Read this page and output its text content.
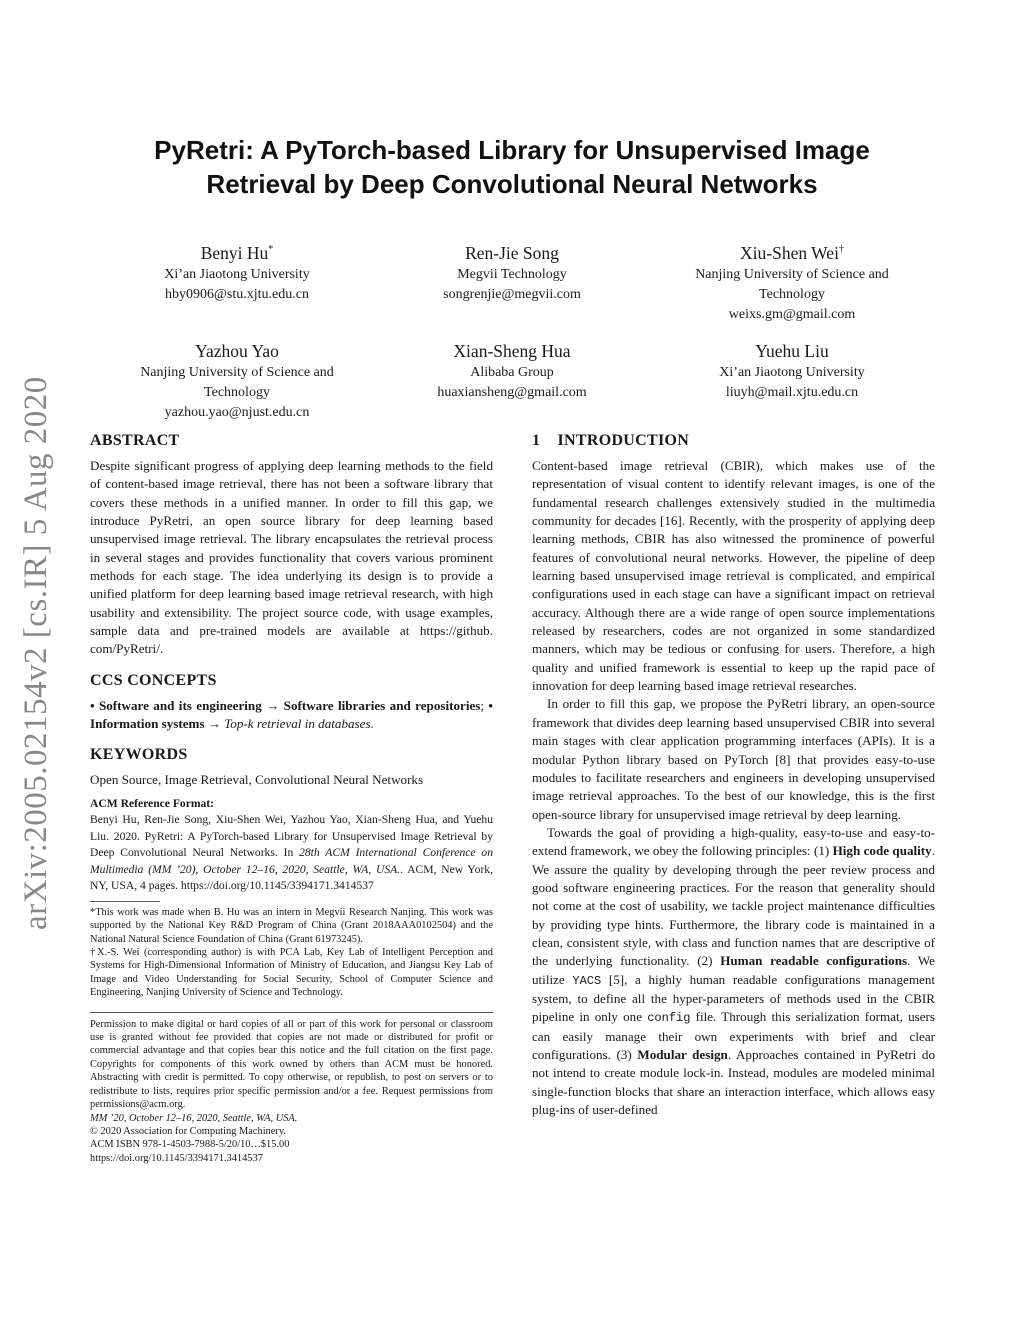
arXiv:2005.02154v2 [cs.IR] 5 Aug 2020
PyRetri: A PyTorch-based Library for Unsupervised Image
Retrieval by Deep Convolutional Neural Networks
Benyi Hu*
Xi’an Jiaotong University
hby0906@stu.xjtu.edu.cn
Ren-Jie Song
Megvii Technology
songrenjie@megvii.com
Xiu-Shen Wei†
Nanjing University of Science and
Technology
weixs.gm@gmail.com
Yazhou Yao
Nanjing University of Science and
Technology
yazhou.yao@njust.edu.cn
Xian-Sheng Hua
Alibaba Group
huaxiansheng@gmail.com
Yuehu Liu
Xi’an Jiaotong University
liuyh@mail.xjtu.edu.cn
ABSTRACT

Despite significant progress of applying deep learning methods to the field of content-based image retrieval, there has not been a software library that covers these methods in a unified manner. In order to fill this gap, we introduce PyRetri, an open source library for deep learning based unsupervised image retrieval. The library encapsulates the retrieval process in several stages and provides functionality that covers various prominent methods for each stage. The idea underlying its design is to provide a unified platform for deep learning based image retrieval research, with high usability and extensibility. The project source code, with usage examples, sample data and pre-trained models are available at https://github. com/PyRetri/.

CCS CONCEPTS

• Software and its engineering → Software libraries and repositories; • Information systems → Top-k retrieval in databases.

KEYWORDS

Open Source, Image Retrieval, Convolutional Neural Networks

ACM Reference Format:

Benyi Hu, Ren-Jie Song, Xiu-Shen Wei, Yazhou Yao, Xian-Sheng Hua, and Yuehu Liu. 2020. PyRetri: A PyTorch-based Library for Unsupervised Image Retrieval by Deep Convolutional Neural Networks. In 28th ACM International Conference on Multimedia (MM ’20), October 12–16, 2020, Seattle, WA, USA.. ACM, New York, NY, USA, 4 pages. https://doi.org/10.1145/3394171.3414537

*This work was made when B. Hu was an intern in Megvii Research Nanjing. This work was supported by the National Key R&D Program of China (Grant 2018AAA0102504) and the National Natural Science Foundation of China (Grant 61973245).

†X.-S. Wei (corresponding author) is with PCA Lab, Key Lab of Intelligent Perception and Systems for High-Dimensional Information of Ministry of Education, and Jiangsu Key Lab of Image and Video Understanding for Social Security, School of Computer Science and Engineering, Nanjing University of Science and Technology.

Permission to make digital or hard copies of all or part of this work for personal or classroom use is granted without fee provided that copies are not made or distributed for profit or commercial advantage and that copies bear this notice and the full citation on the first page. Copyrights for components of this work owned by others than ACM must be honored. Abstracting with credit is permitted. To copy otherwise, or republish, to post on servers or to redistribute to lists, requires prior specific permission and/or a fee. Request permissions from permissions@acm.org.

MM ’20, October 12–16, 2020, Seattle, WA, USA.

© 2020 Association for Computing Machinery.

ACM ISBN 978-1-4503-7988-5/20/10…$15.00

https://doi.org/10.1145/3394171.3414537

1    INTRODUCTION

Content-based image retrieval (CBIR), which makes use of the representation of visual content to identify relevant images, is one of the fundamental research challenges extensively studied in the multimedia community for decades [16]. Recently, with the prosperity of applying deep learning methods, CBIR has also witnessed the prominence of powerful features of convolutional neural networks. However, the pipeline of deep learning based unsupervised image retrieval is complicated, and empirical configurations used in each stage can have a significant impact on retrieval accuracy. Although there are a wide range of open source implementations released by researchers, codes are not organized in some standardized manners, which may be tedious or confusing for users. Therefore, a high quality and unified framework is essential to keep up the rapid pace of innovation for deep learning based image retrieval researches.

In order to fill this gap, we propose the PyRetri library, an open-source framework that divides deep learning based unsupervised CBIR into several main stages with clear application programming interfaces (APIs). It is a modular Python library based on PyTorch [8] that provides easy-to-use modules to facilitate researchers and engineers in developing unsupervised image retrieval approaches. To the best of our knowledge, this is the first open-source library for unsupervised image retrieval by deep learning.

Towards the goal of providing a high-quality, easy-to-use and easy-to-extend framework, we obey the following principles: (1) High code quality. We assure the quality by developing through the peer review process and good software engineering practices. For the reason that generality should not come at the cost of usability, we tackle project maintenance difficulties by providing type hints. Furthermore, the library code is maintained in a clean, consistent style, with class and function names that are descriptive of the underlying functionality. (2) Human readable configurations. We utilize YACS [5], a highly human readable configurations management system, to define all the hyper-parameters of methods used in the CBIR pipeline in only one config file. Through this serialization format, users can easily manage their own experiments with brief and clear configurations. (3) Modular design. Approaches contained in PyRetri do not intend to create module lock-in. Instead, modules are modeled minimal single-function blocks that share an interaction interface, which allows easy plug-ins of user-defined
